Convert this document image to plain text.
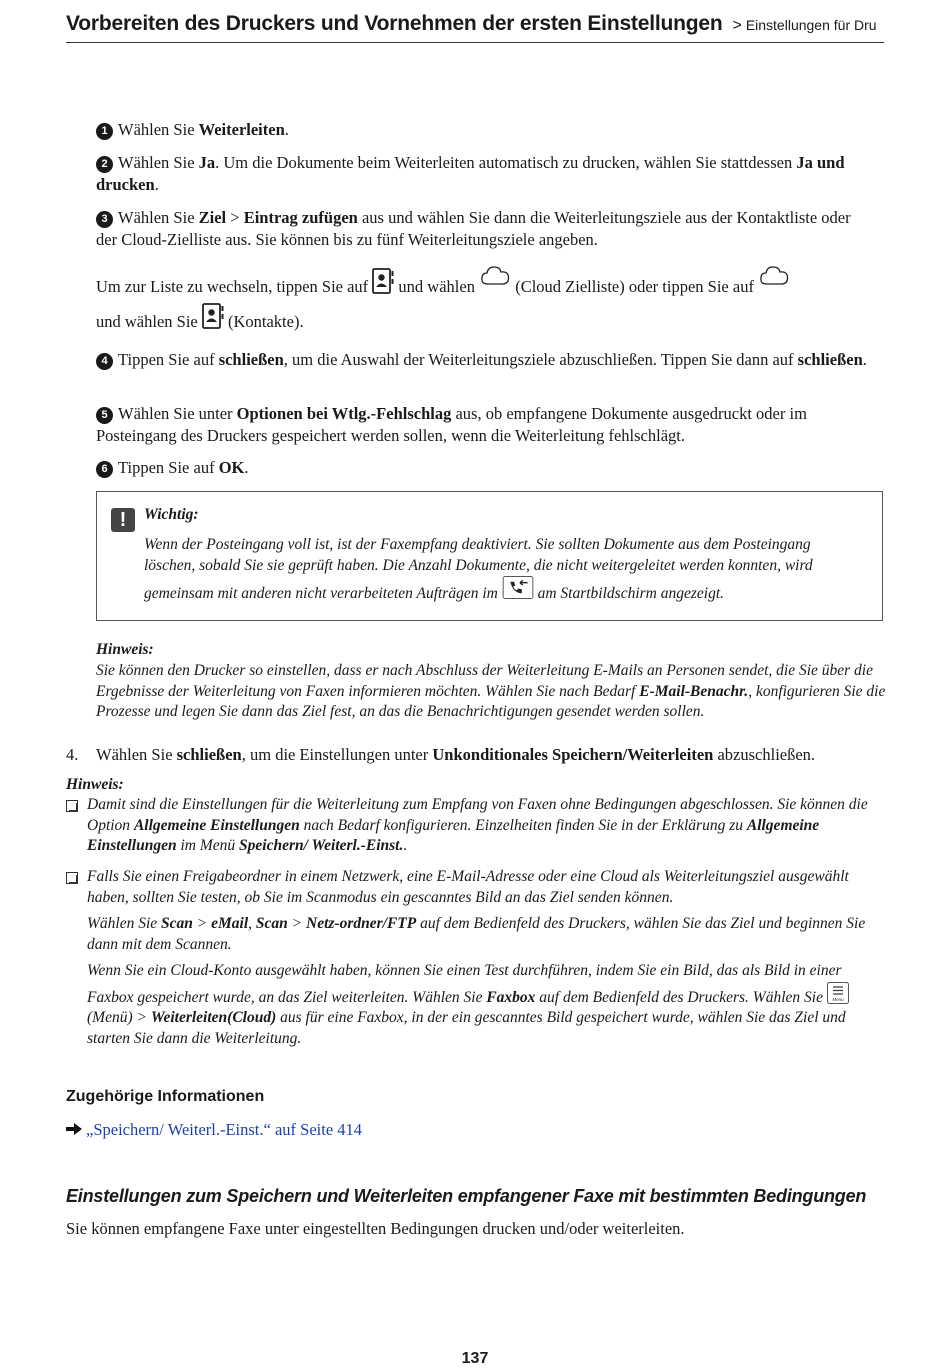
Vorbereiten des Druckers und Vornehmen der ersten Einstellungen > Einstellungen für Dru

1 Wählen Sie Weiterleiten.

2 Wählen Sie Ja. Um die Dokumente beim Weiterleiten automatisch zu drucken, wählen Sie stattdessen Ja und drucken.

3 Wählen Sie Ziel > Eintrag zufügen aus und wählen Sie dann die Weiterleitungsziele aus der Kontaktliste oder der Cloud-Zielliste aus. Sie können bis zu fünf Weiterleitungsziele angeben.

Um zur Liste zu wechseln, tippen Sie auf und wählen (Cloud Zielliste) oder tippen Sie auf
und wählen Sie (Kontakte).

4 Tippen Sie auf schließen, um die Auswahl der Weiterleitungsziele abzuschließen. Tippen Sie dann auf schließen.

5 Wählen Sie unter Optionen bei Wtlg.-Fehlschlag aus, ob empfangene Dokumente ausgedruckt oder im Posteingang des Druckers gespeichert werden sollen, wenn die Weiterleitung fehlschlägt.

6 Tippen Sie auf OK.

!
Wichtig:
Wenn der Posteingang voll ist, ist der Faxempfang deaktiviert. Sie sollten Dokumente aus dem Posteingang löschen, sobald Sie sie geprüft haben. Die Anzahl Dokumente, die nicht weitergeleitet werden konnten, wird gemeinsam mit anderen nicht verarbeiteten Aufträgen im	am Startbildschirm angezeigt.
Hinweis:

Sie können den Drucker so einstellen, dass er nach Abschluss der Weiterleitung E-Mails an Personen sendet, die Sie über die Ergebnisse der Weiterleitung von Faxen informieren möchten. Wählen Sie nach Bedarf E-Mail-Benachr., konfigurieren Sie die Prozesse und legen Sie dann das Ziel fest, an das die Benachrichtigungen gesendet werden sollen.

4. Wählen Sie schließen, um die Einstellungen unter Unkonditionales Speichern/Weiterleiten abzuschließen.

Hinweis:

Damit sind die Einstellungen für die Weiterleitung zum Empfang von Faxen ohne Bedingungen abgeschlossen. Sie können die Option Allgemeine Einstellungen nach Bedarf konfigurieren. Einzelheiten finden Sie in der Erklärung zu Allgemeine Einstellungen im Menü Speichern/ Weiterl.-Einst..

Falls Sie einen Freigabeordner in einem Netzwerk, eine E-Mail-Adresse oder eine Cloud als Weiterleitungsziel ausgewählt haben, sollten Sie testen, ob Sie im Scanmodus ein gescanntes Bild an das Ziel senden können.

Wählen Sie Scan > eMail, Scan > Netz-ordner/FTP auf dem Bedienfeld des Druckers, wählen Sie das Ziel und beginnen Sie dann mit dem Scannen.

Wenn Sie ein Cloud-Konto ausgewählt haben, können Sie einen Test durchführen, indem Sie ein Bild, das als Bild in einer Faxbox gespeichert wurde, an das Ziel weiterleiten. Wählen Sie Faxbox auf dem Bedienfeld des Druckers. Wählen Sie Menu
(Menü) > Weiterleiten(Cloud) aus für eine Faxbox, in der ein gescanntes Bild gespeichert wurde, wählen Sie das Ziel und starten Sie dann die Weiterleitung.

Zugehörige Informationen
„Speichern/ Weiterl.-Einst.“ auf Seite 414
Einstellungen zum Speichern und Weiterleiten empfangener Faxe mit bestimmten Bedingungen

Sie können empfangene Faxe unter eingestellten Bedingungen drucken und/oder weiterleiten.

137
